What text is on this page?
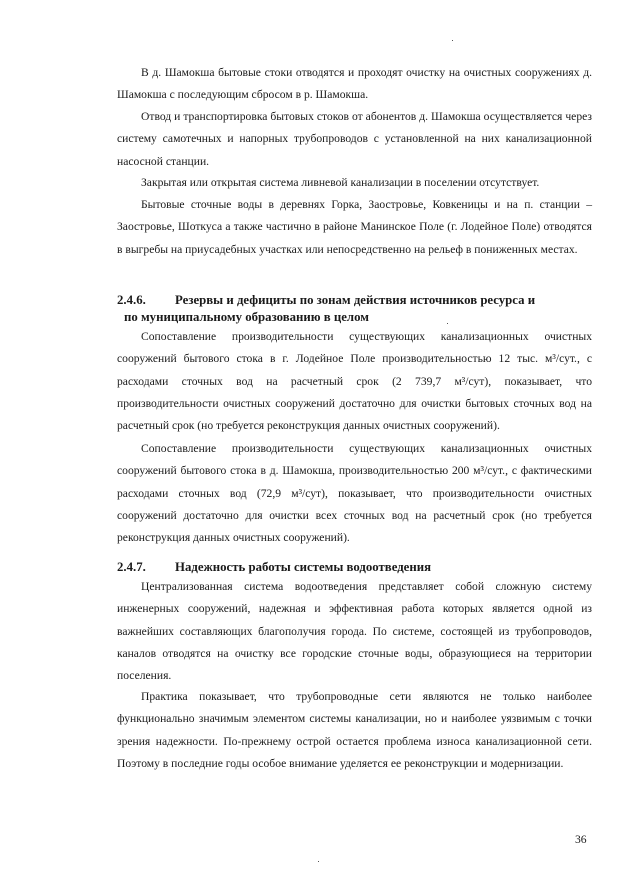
В д. Шамокша бытовые стоки отводятся и проходят очистку на очистных сооружениях д. Шамокша с последующим сбросом в р. Шамокша.

Отвод и транспортировка бытовых стоков от абонентов д. Шамокша осуществляется через систему самотечных и напорных трубопроводов с установленной на них канализационной насосной станции.

Закрытая или открытая система ливневой канализации в поселении отсутствует.

Бытовые сточные воды в деревнях Горка, Заостровье, Ковкеницы и на п. станции – Заостровье, Шоткуса а также частично в районе Манинское Поле (г. Лодейное Поле) отводятся в выгребы на приусадебных участках или непосредственно на рельеф в пониженных местах.

2.4.6. Резервы и дефициты по зонам действия источников ресурса и
по муниципальному образованию в целом

Сопоставление производительности существующих канализационных очистных сооружений бытового стока в г. Лодейное Поле производительностью 12 тыс. м³/сут., с расходами сточных вод на расчетный срок (2 739,7 м³/сут), показывает, что производительности очистных сооружений достаточно для очистки бытовых сточных вод на расчетный срок (но требуется реконструкция данных очистных сооружений).

Сопоставление производительности существующих канализационных очистных сооружений бытового стока в д. Шамокша, производительностью 200 м³/сут., с фактическими расходами сточных вод (72,9 м³/сут), показывает, что производительности очистных сооружений достаточно для очистки всех сточных вод на расчетный срок (но требуется реконструкция данных очистных сооружений).

2.4.7. Надежность работы системы водоотведения

Централизованная система водоотведения представляет собой сложную систему инженерных сооружений, надежная и эффективная работа которых является одной из важнейших составляющих благополучия города. По системе, состоящей из трубопроводов, каналов отводятся на очистку все городские сточные воды, образующиеся на территории поселения.

Практика показывает, что трубопроводные сети являются не только наиболее функционально значимым элементом системы канализации, но и наиболее уязвимым с точки зрения надежности. По-прежнему острой остается проблема износа канализационной сети. Поэтому в последние годы особое внимание уделяется ее реконструкции и модернизации.

36
